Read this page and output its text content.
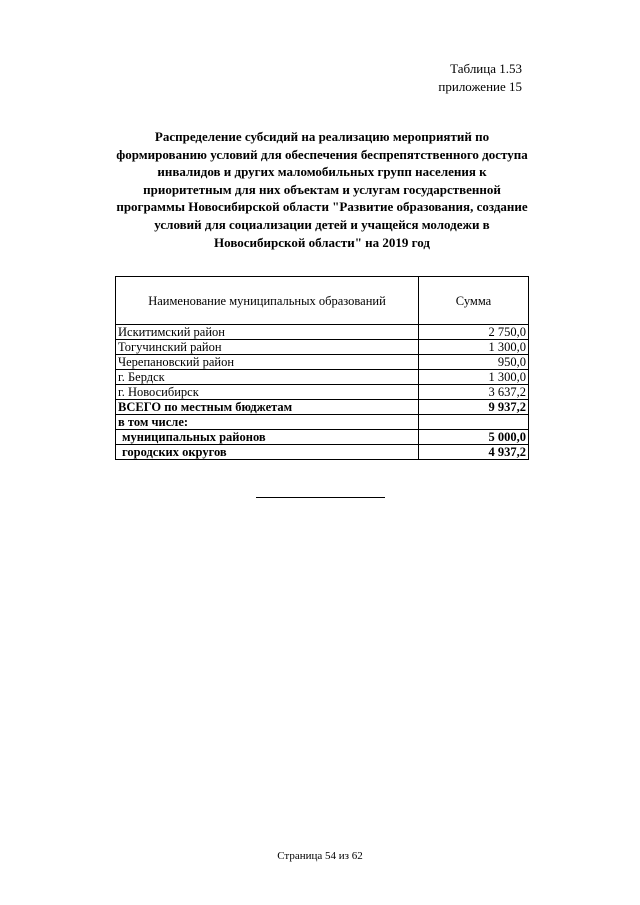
Таблица 1.53
приложение 15
Распределение субсидий на реализацию мероприятий по формированию условий для обеспечения беспрепятственного доступа инвалидов и других маломобильных групп населения к приоритетным для них объектам и услугам государственной программы Новосибирской области "Развитие образования, создание условий для социализации детей и учащейся молодежи в Новосибирской области" на 2019 год
Наименование муниципальных образований	Сумма
Искитимский район	2 750,0
Тогучинский район	1 300,0
Черепановский район	950,0
г. Бердск	1 300,0
г. Новосибирск	3 637,2
ВСЕГО по местным бюджетам	9 937,2
в том числе:	
муниципальных районов	5 000,0
городских округов	4 937,2
Страница 54 из 62
